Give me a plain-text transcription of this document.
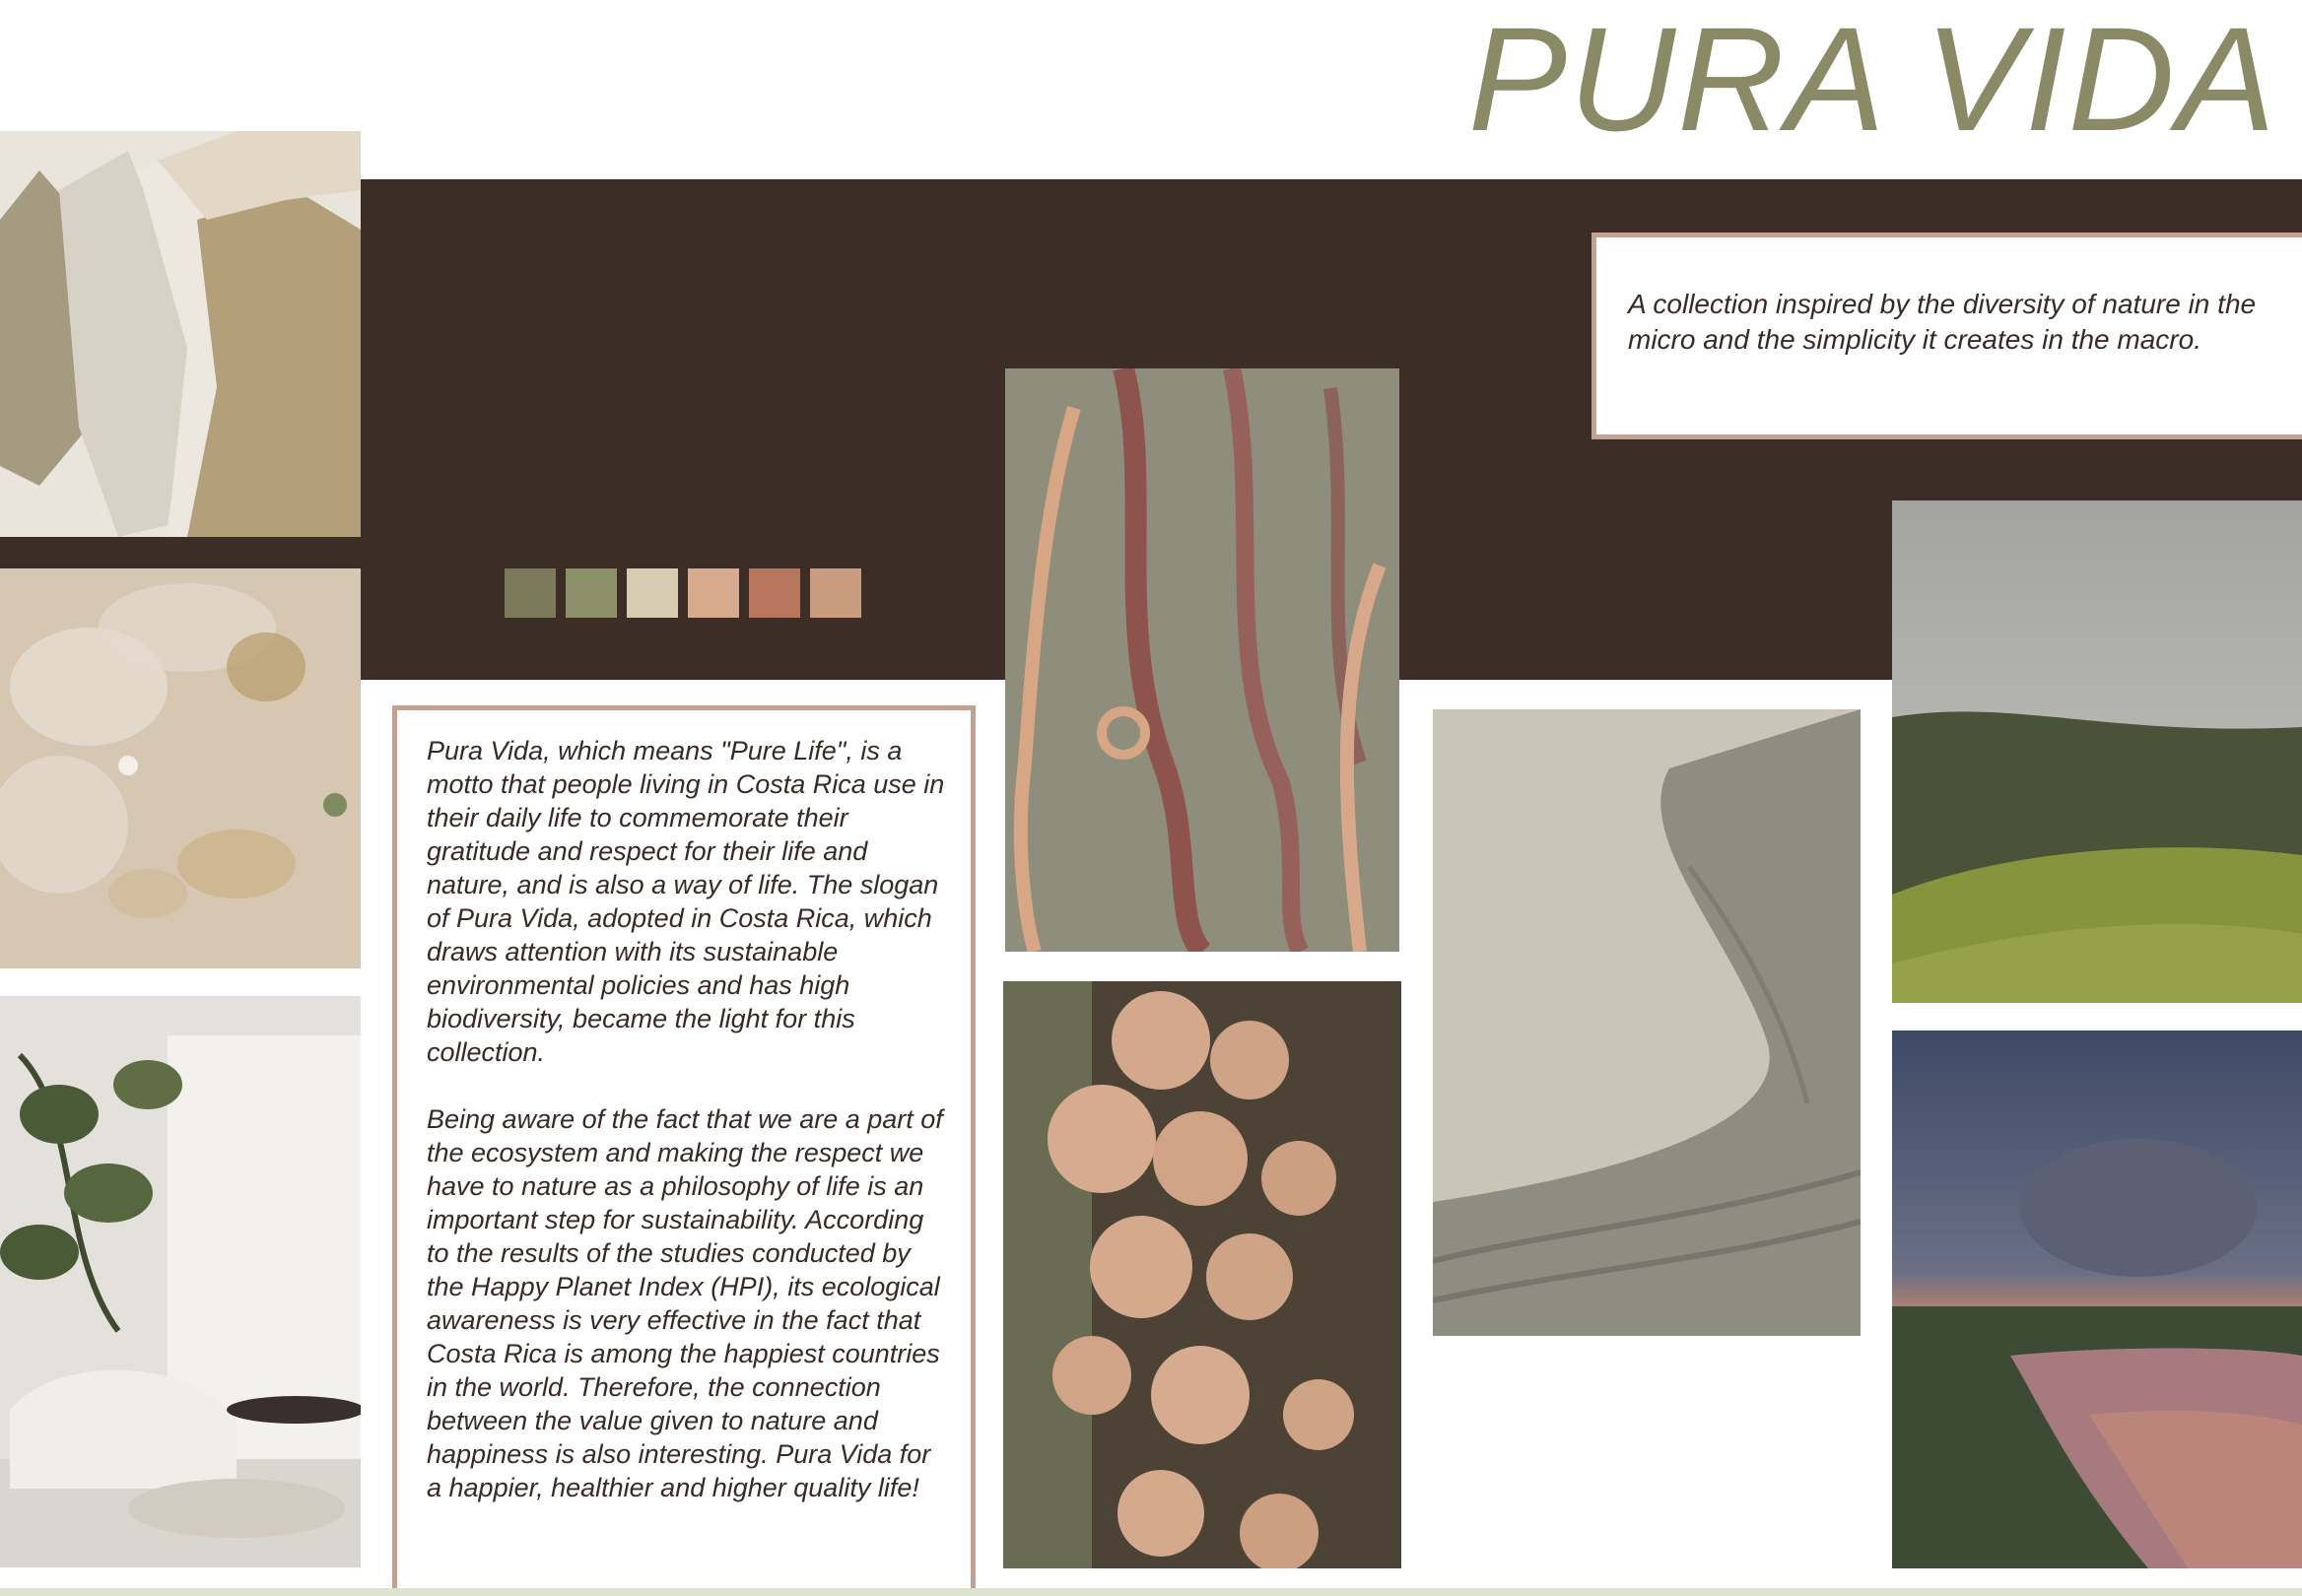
PURA VIDA
A collection inspired by the diversity of nature in the micro and the simplicity it creates in the macro.

Pura Vida, which means "Pure Life", is a motto that people living in Costa Rica use in their daily life to commemorate their gratitude and respect for their life and nature, and is also a way of life. The slogan of Pura Vida, adopted in Costa Rica, which draws attention with its sustainable environmental policies and has high biodiversity, became the light for this collection.

Being aware of the fact that we are a part of the ecosystem and making the respect we have to nature as a philosophy of life is an important step for sustainability. According to the results of the studies conducted by the Happy Planet Index (HPI), its ecological awareness is very effective in the fact that Costa Rica is among the happiest countries in the world. Therefore, the connection between the value given to nature and happiness is also interesting. Pura Vida for a happier, healthier and higher quality life!
